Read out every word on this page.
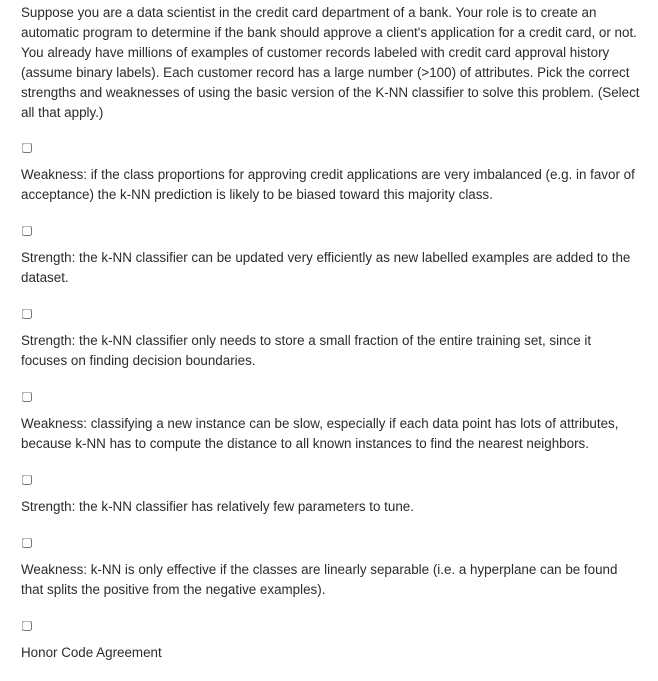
Suppose you are a data scientist in the credit card department of a bank. Your role is to create an automatic program to determine if the bank should approve a client's application for a credit card, or not. You already have millions of examples of customer records labeled with credit card approval history (assume binary labels). Each customer record has a large number (>100) of attributes. Pick the correct strengths and weaknesses of using the basic version of the K-NN classifier to solve this problem. (Select all that apply.)

Weakness: if the class proportions for approving credit applications are very imbalanced (e.g. in favor of acceptance) the k-NN prediction is likely to be biased toward this majority class.

Strength: the k-NN classifier can be updated very efficiently as new labelled examples are added to the dataset.

Strength: the k-NN classifier only needs to store a small fraction of the entire training set, since it focuses on finding decision boundaries.

Weakness: classifying a new instance can be slow, especially if each data point has lots of attributes, because k-NN has to compute the distance to all known instances to find the nearest neighbors.

Strength: the k-NN classifier has relatively few parameters to tune.

Weakness: k-NN is only effective if the classes are linearly separable (i.e. a hyperplane can be found that splits the positive from the negative examples).

Honor Code Agreement
